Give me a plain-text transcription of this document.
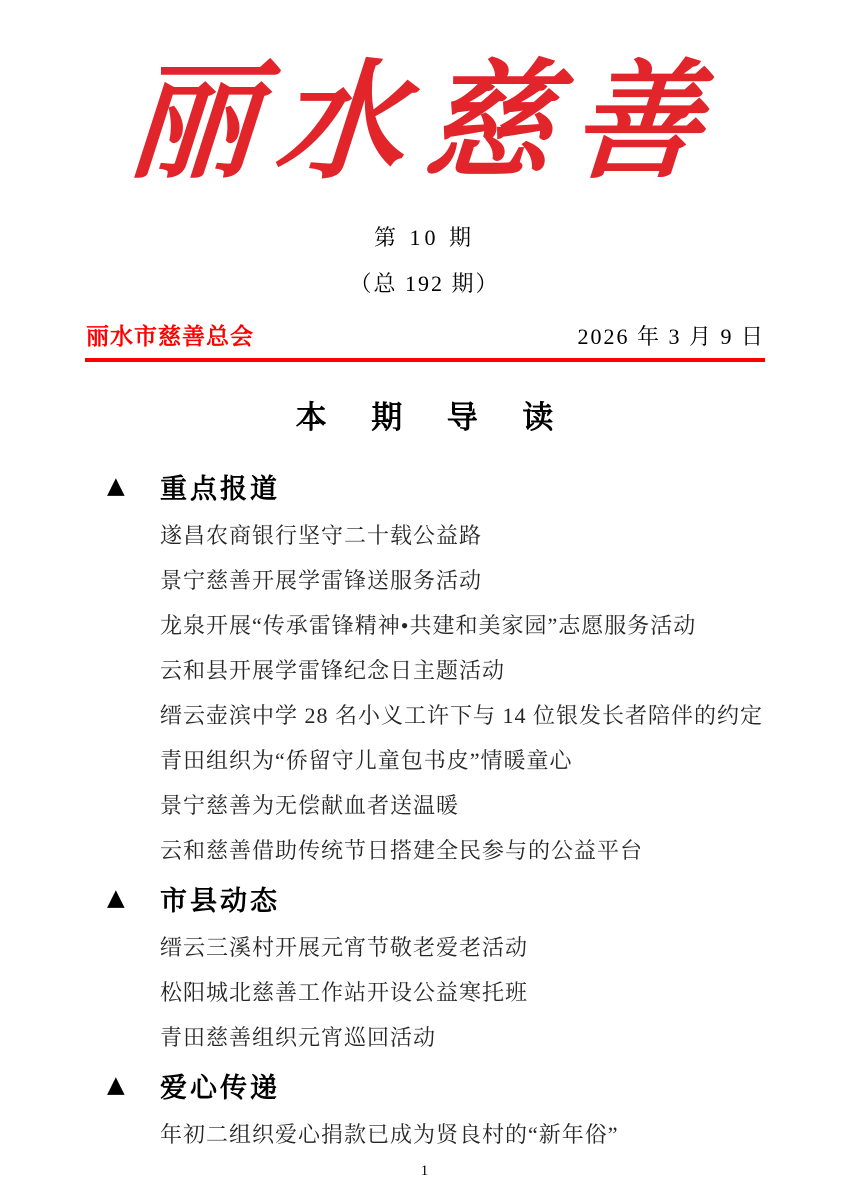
丽水慈善
第 10 期
（总 192 期）
丽水市慈善总会	2026 年 3 月 9 日
本 期 导 读
▲	重点报道

遂昌农商银行坚守二十载公益路

景宁慈善开展学雷锋送服务活动

龙泉开展“传承雷锋精神•共建和美家园”志愿服务活动

云和县开展学雷锋纪念日主题活动

缙云壶滨中学 28 名小义工许下与 14 位银发长者陪伴的约定

青田组织为“侨留守儿童包书皮”情暖童心

景宁慈善为无偿献血者送温暖

云和慈善借助传统节日搭建全民参与的公益平台

▲	市县动态

缙云三溪村开展元宵节敬老爱老活动

松阳城北慈善工作站开设公益寒托班

青田慈善组织元宵巡回活动

▲	爱心传递

年初二组织爱心捐款已成为贤良村的“新年俗”

1
